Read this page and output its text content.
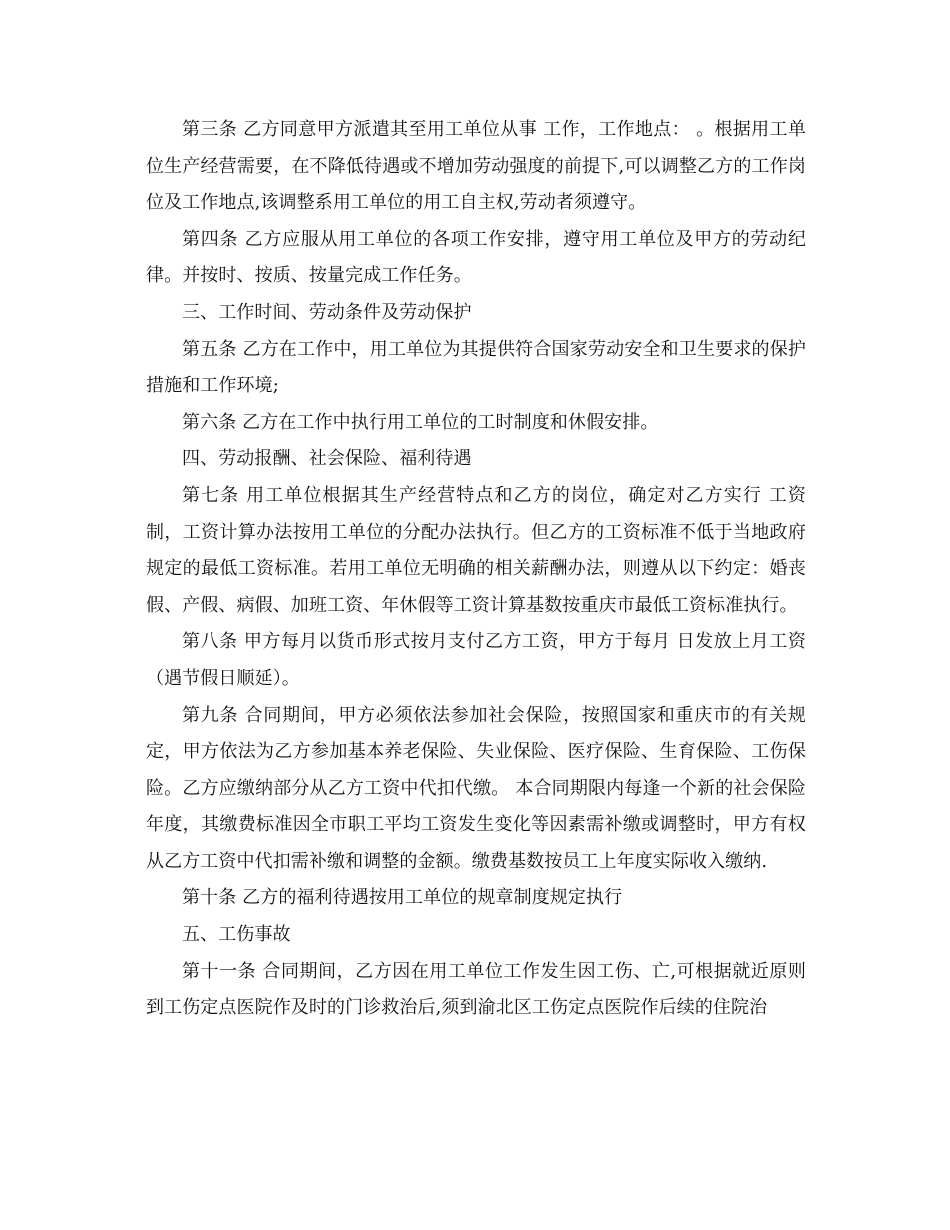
第三条 乙方同意甲方派遣其至用工单位从事 工作，工作地点： 。根据用工单位生产经营需要，在不降低待遇或不增加劳动强度的前提下,可以调整乙方的工作岗位及工作地点,该调整系用工单位的用工自主权,劳动者须遵守。

第四条 乙方应服从用工单位的各项工作安排，遵守用工单位及甲方的劳动纪律。并按时、按质、按量完成工作任务。

三、工作时间、劳动条件及劳动保护

第五条 乙方在工作中，用工单位为其提供符合国家劳动安全和卫生要求的保护措施和工作环境;

第六条 乙方在工作中执行用工单位的工时制度和休假安排。

四、劳动报酬、社会保险、福利待遇

第七条 用工单位根据其生产经营特点和乙方的岗位，确定对乙方实行 工资制，工资计算办法按用工单位的分配办法执行。但乙方的工资标准不低于当地政府规定的最低工资标准。若用工单位无明确的相关薪酬办法，则遵从以下约定：婚丧假、产假、病假、加班工资、年休假等工资计算基数按重庆市最低工资标准执行。

第八条 甲方每月以货币形式按月支付乙方工资，甲方于每月 日发放上月工资（遇节假日顺延）。

第九条 合同期间，甲方必须依法参加社会保险，按照国家和重庆市的有关规定，甲方依法为乙方参加基本养老保险、失业保险、医疗保险、生育保险、工伤保险。乙方应缴纳部分从乙方工资中代扣代缴。 本合同期限内每逢一个新的社会保险年度，其缴费标准因全市职工平均工资发生变化等因素需补缴或调整时，甲方有权从乙方工资中代扣需补缴和调整的金额。缴费基数按员工上年度实际收入缴纳.

第十条 乙方的福利待遇按用工单位的规章制度规定执行

五、工伤事故

第十一条 合同期间，乙方因在用工单位工作发生因工伤、亡,可根据就近原则到工伤定点医院作及时的门诊救治后,须到渝北区工伤定点医院作后续的住院治
